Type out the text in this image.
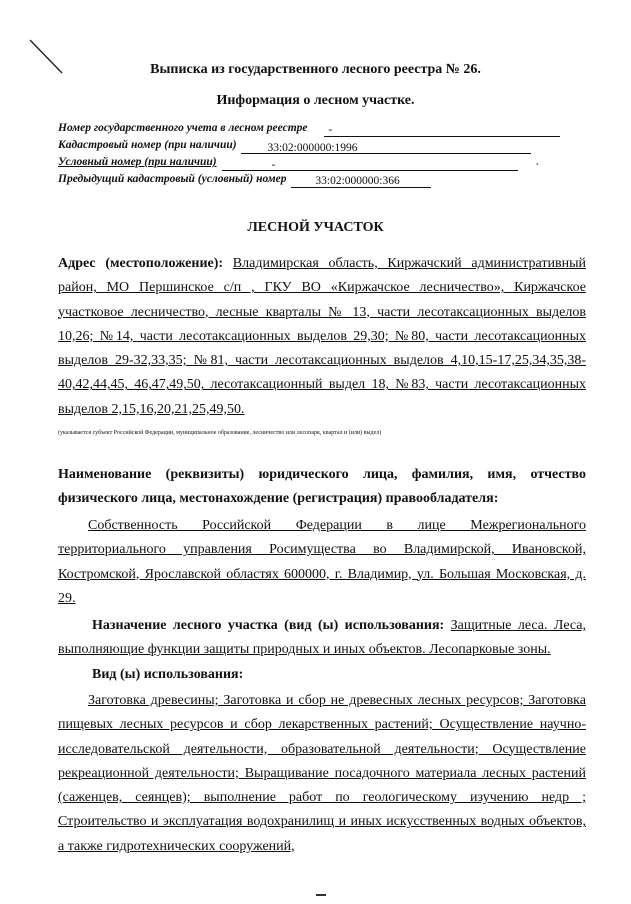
Выписка из государственного лесного реестра № 26.
Информация о лесном участке.
Номер государственного учета в лесном реестре -
Кадастровый номер (при наличии)	33:02:000000:1996
Условный номер (при наличии)	-
Предыдущий кадастровый (условный) номер	33:02:000000:366
˛
ЛЕСНОЙ УЧАСТОК
Адрес (местоположение): Владимирская область, Киржачский административный район, МО Першинское с/п , ГКУ ВО «Киржачское лесничество», Киржачское участковое лесничество, лесные кварталы № 13, части лесотаксационных выделов 10,26; №14, части лесотаксационных выделов 29,30; №80, части лесотаксационных выделов 29-32,33,35; №81, части лесотаксационных выделов 4,10,15-17,25,34,35,38-40,42,44,45, 46,47,49,50, лесотаксационный выдел 18, №83, части лесотаксационных выделов 2,15,16,20,21,25,49,50.
(указывается субъект Российской Федерации, муниципальное образование, лесничество или лесопарк, квартал и (или) выдел)
Наименование (реквизиты) юридического лица, фамилия, имя, отчество физического лица, местонахождение (регистрация) правообладателя:
Собственность Российской Федерации в лице Межрегионального территориального управления Росимущества во Владимирской, Ивановской, Костромской, Ярославской областях 600000, г. Владимир, ул. Большая Московская, д. 29.
Назначение лесного участка (вид (ы) использования: Защитные леса. Леса, выполняющие функции защиты природных и иных объектов. Лесопарковые зоны.
Вид (ы) использования:
Заготовка древесины; Заготовка и сбор не древесных лесных ресурсов; Заготовка пищевых лесных ресурсов и сбор лекарственных растений; Осуществление научно-исследовательской деятельности, образовательной деятельности; Осуществление рекреационной деятельности; Выращивание посадочного материала лесных растений (саженцев, сеянцев); выполнение работ по геологическому изучению недр ; Строительство и эксплуатация водохранилищ и иных искусственных водных объектов, а также гидротехнических сооружений,
